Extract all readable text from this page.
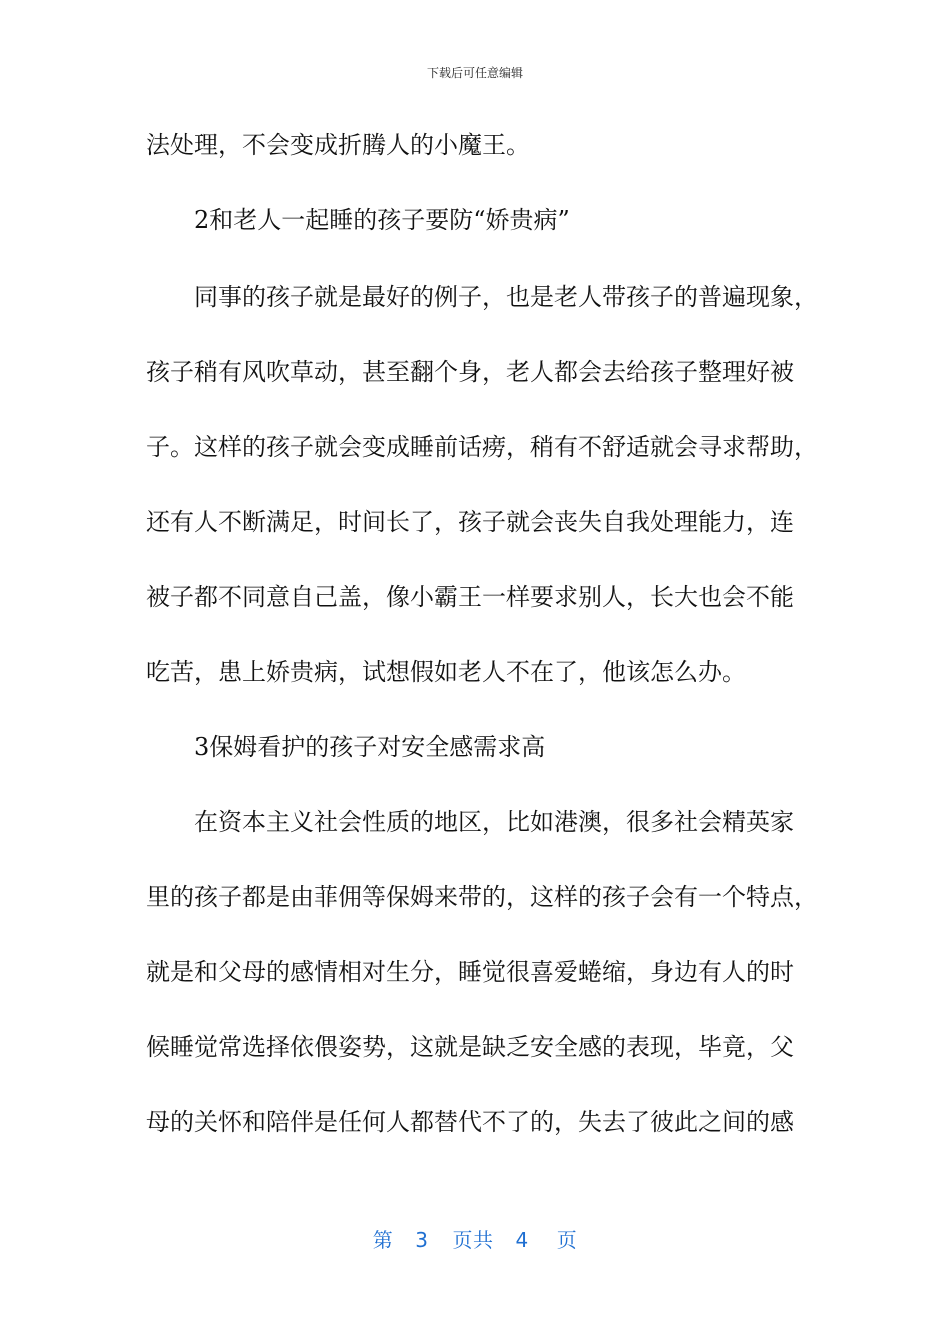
下载后可任意编辑
法处理，不会变成折腾人的小魔王。
2和老人一起睡的孩子要防“娇贵病”
同事的孩子就是最好的例子，也是老人带孩子的普遍现象，
孩子稍有风吹草动，甚至翻个身，老人都会去给孩子整理好被
子。这样的孩子就会变成睡前话痨，稍有不舒适就会寻求帮助，
还有人不断满足，时间长了，孩子就会丧失自我处理能力，连
被子都不同意自己盖，像小霸王一样要求别人，长大也会不能
吃苦，患上娇贵病，试想假如老人不在了，他该怎么办。
3保姆看护的孩子对安全感需求高
在资本主义社会性质的地区，比如港澳，很多社会精英家
里的孩子都是由菲佣等保姆来带的，这样的孩子会有一个特点，
就是和父母的感情相对生分，睡觉很喜爱蜷缩，身边有人的时
候睡觉常选择依偎姿势，这就是缺乏安全感的表现，毕竟，父
母的关怀和陪伴是任何人都替代不了的，失去了彼此之间的感
第 3 页共 4 页
